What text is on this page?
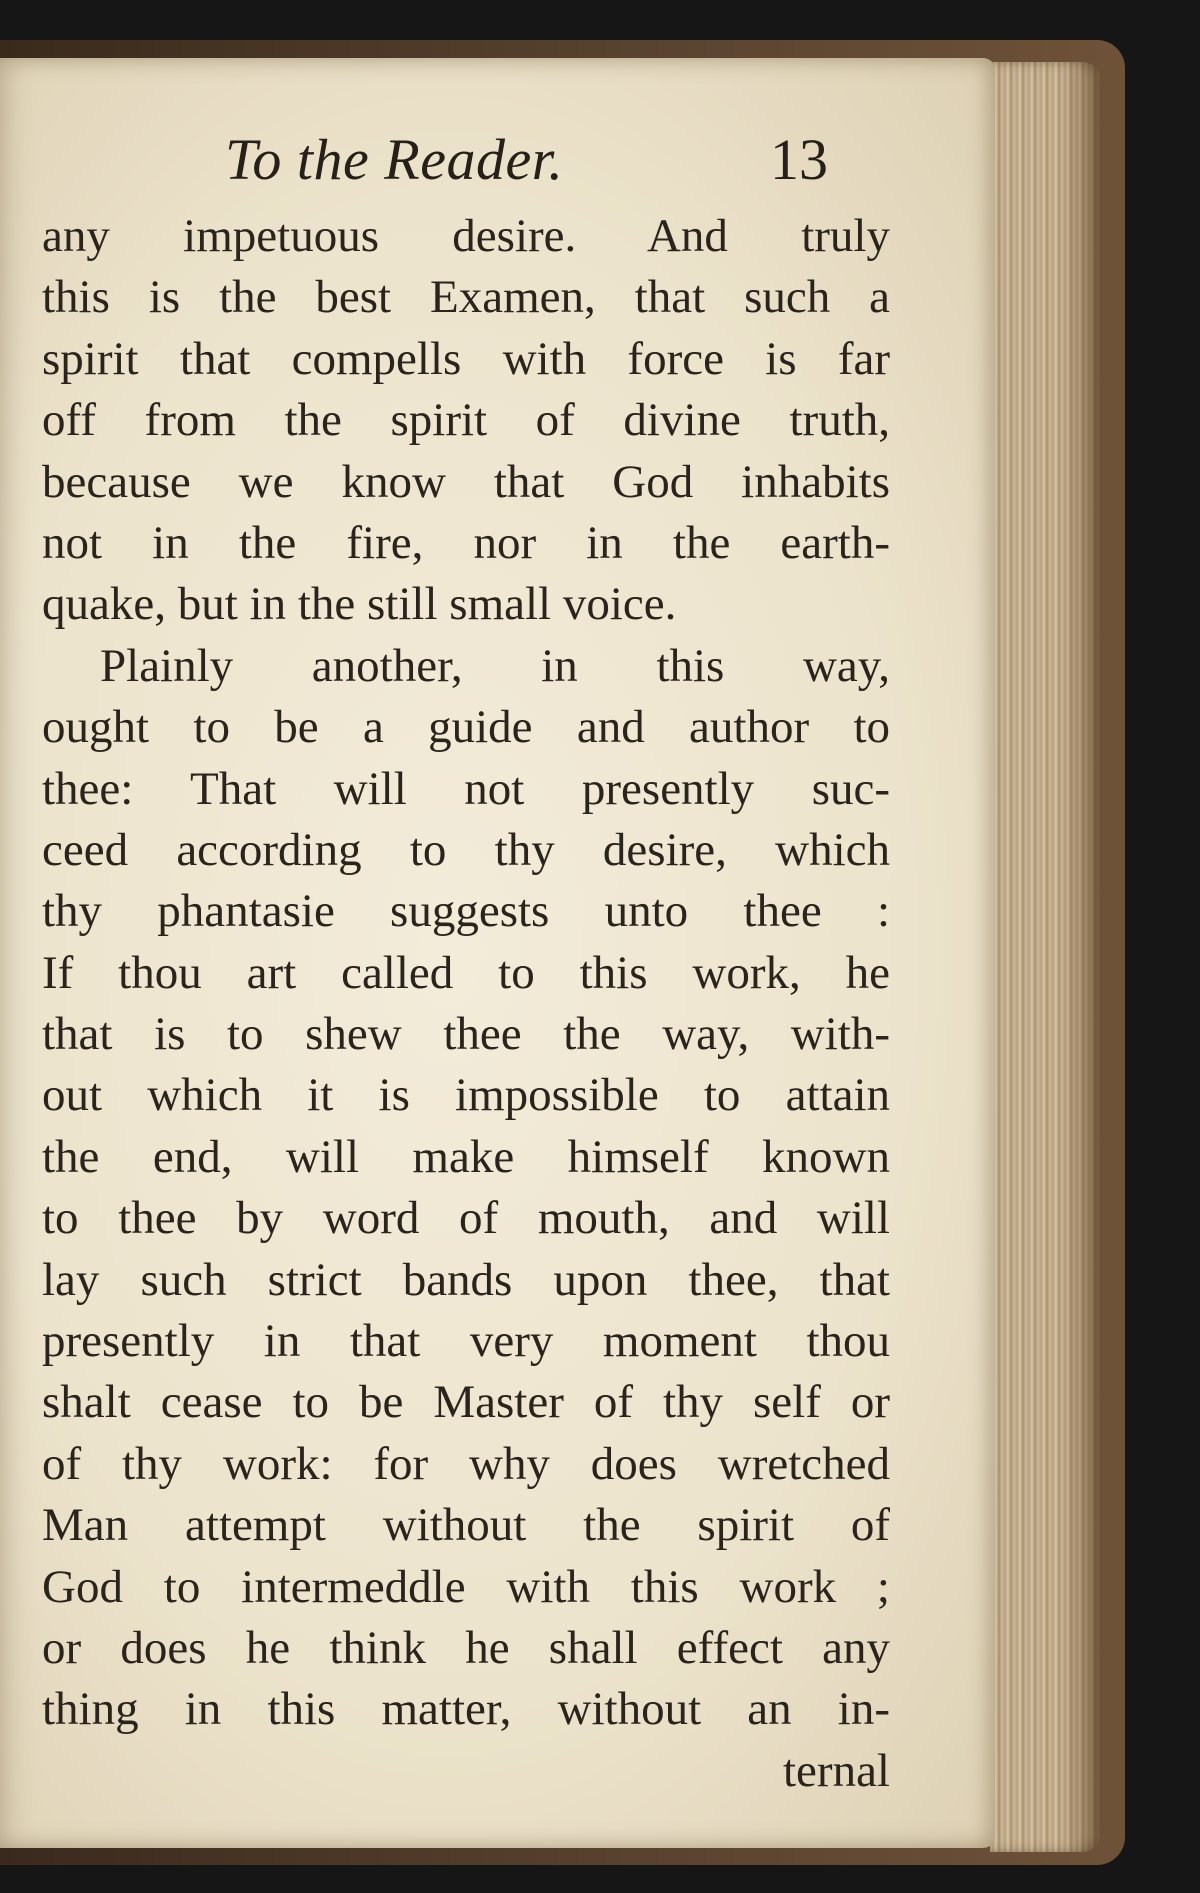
To the Reader.	13
any impetuous desire. And truly
this is the best Examen, that such a
spirit that compells with force is far
off from the spirit of divine truth,
because we know that God inhabits
not in the fire, nor in the earth-
quake, but in the still small voice.
Plainly another, in this way,
ought to be a guide and author to
thee: That will not presently suc-
ceed according to thy desire, which
thy phantasie suggests unto thee :
If thou art called to this work, he
that is to shew thee the way, with-
out which it is impossible to attain
the end, will make himself known
to thee by word of mouth, and will
lay such strict bands upon thee, that
presently in that very moment thou
shalt cease to be Master of thy self or
of thy work: for why does wretched
Man attempt without the spirit of
God to intermeddle with this work ;
or does he think he shall effect any
thing in this matter, without an in-
ternal
